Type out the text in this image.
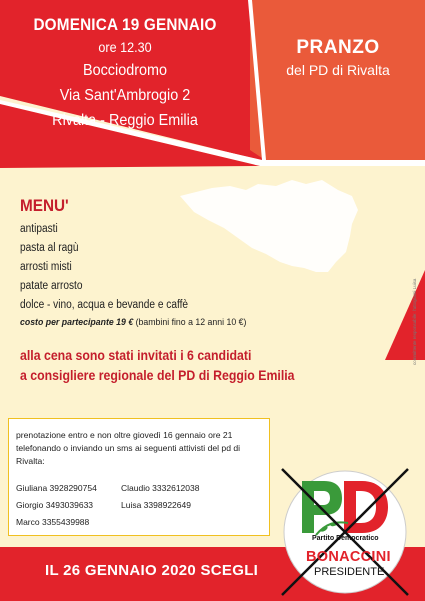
DOMENICA 19 GENNAIO
ore 12.30
Bocciodromo
Via Sant'Ambrogio 2
Rivalta - Reggio Emilia
PRANZO
del PD di Rivalta
MENU'
antipasti
pasta al ragù
arrosti misti
patate arrosto
dolce - vino, acqua e bevande e caffè
costo per partecipante 19 € (bambini fino a 12 anni 10 €)
alla cena sono stati invitati i 6 candidati
a consigliere regionale del PD di Reggio Emilia
committente responsabile: l'attogrami Luisa
prenotazione entro e non oltre giovedì 16 gennaio ore 21 telefonando o inviando un sms ai seguenti attivisti del pd di Rivalta:
Giuliana 3928290754	Claudio 3332612038
Giorgio 3493039633	Luisa 3398922649
Marco 3355439988
IL 26 GENNAIO 2020 SCEGLI
Partito Democratico
BONACCINI
PRESIDENTE
